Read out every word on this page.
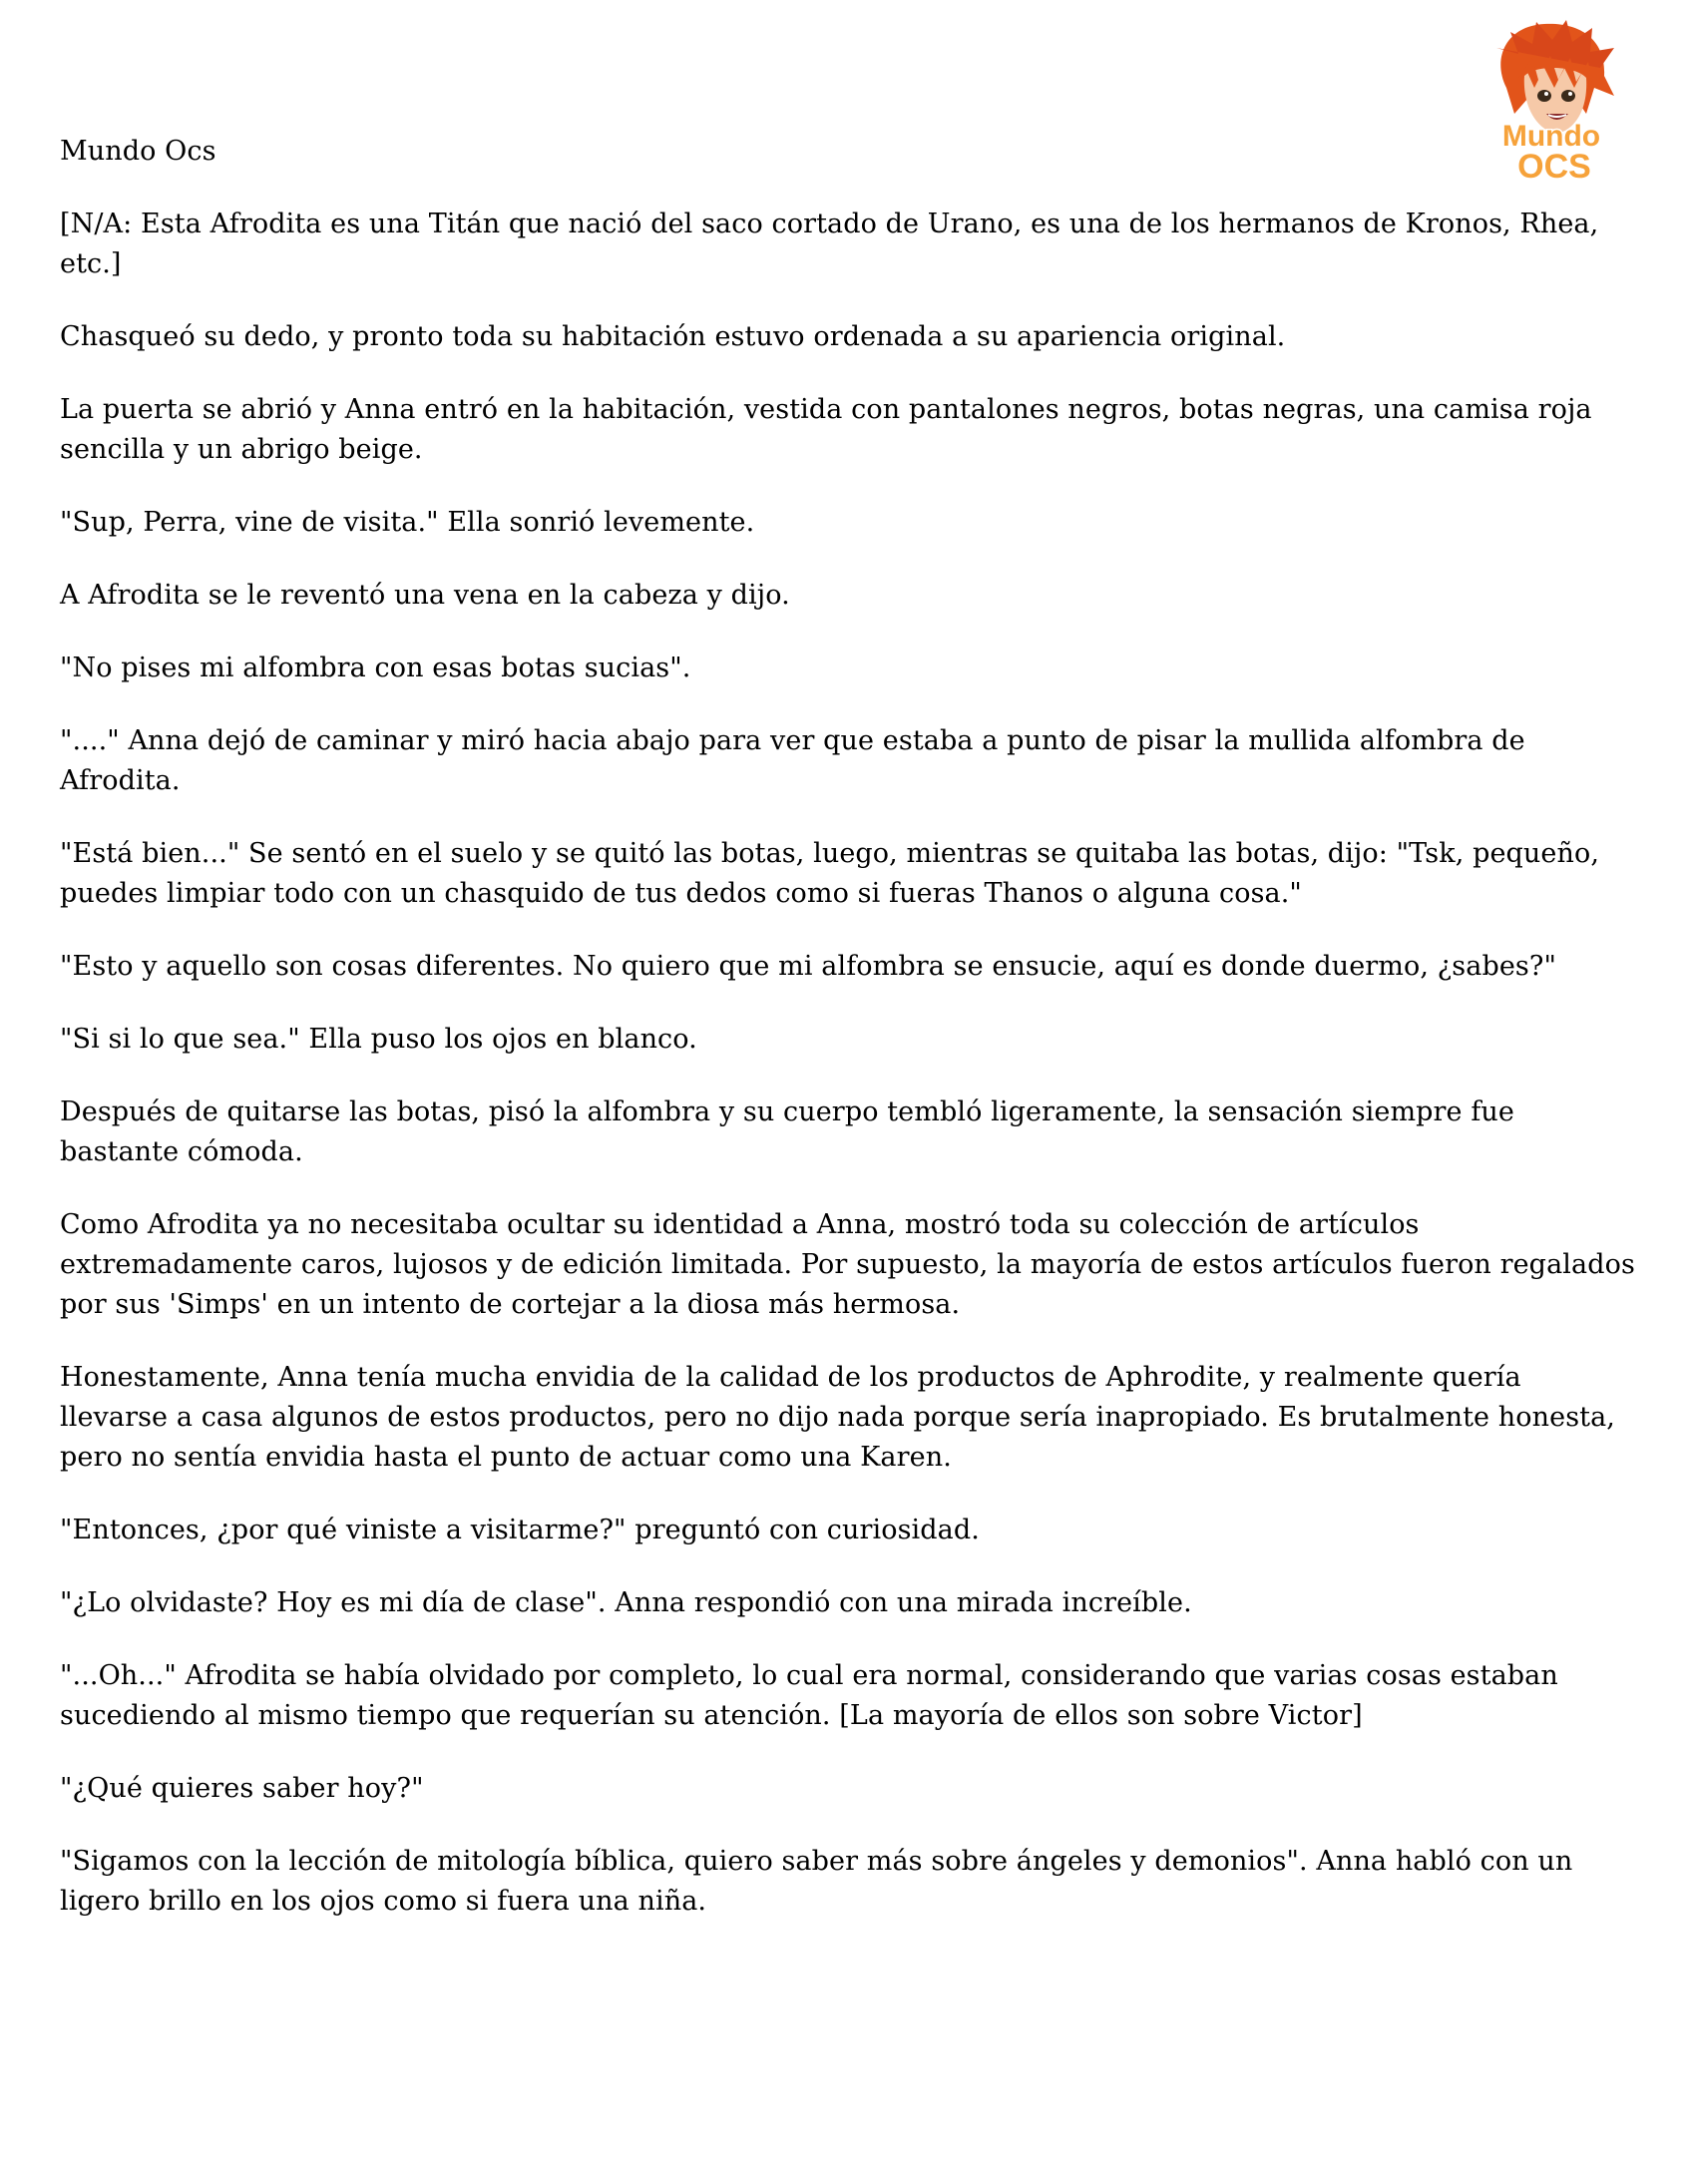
Mundo
OCS

Mundo Ocs

[N/A: Esta Afrodita es una Titán que nació del saco cortado de Urano, es una de los hermanos de Kronos, Rhea, etc.]

Chasqueó su dedo, y pronto toda su habitación estuvo ordenada a su apariencia original.

La puerta se abrió y Anna entró en la habitación, vestida con pantalones negros, botas negras, una camisa roja sencilla y un abrigo beige.

"Sup, Perra, vine de visita." Ella sonrió levemente.

A Afrodita se le reventó una vena en la cabeza y dijo.

"No pises mi alfombra con esas botas sucias".

"...." Anna dejó de caminar y miró hacia abajo para ver que estaba a punto de pisar la mullida alfombra de Afrodita.

"Está bien..." Se sentó en el suelo y se quitó las botas, luego, mientras se quitaba las botas, dijo: "Tsk, pequeño, puedes limpiar todo con un chasquido de tus dedos como si fueras Thanos o alguna cosa."

"Esto y aquello son cosas diferentes. No quiero que mi alfombra se ensucie, aquí es donde duermo, ¿sabes?"

"Si si lo que sea." Ella puso los ojos en blanco.

Después de quitarse las botas, pisó la alfombra y su cuerpo tembló ligeramente, la sensación siempre fue bastante cómoda.

Como Afrodita ya no necesitaba ocultar su identidad a Anna, mostró toda su colección de artículos extremadamente caros, lujosos y de edición limitada. Por supuesto, la mayoría de estos artículos fueron regalados por sus 'Simps' en un intento de cortejar a la diosa más hermosa.

Honestamente, Anna tenía mucha envidia de la calidad de los productos de Aphrodite, y realmente quería llevarse a casa algunos de estos productos, pero no dijo nada porque sería inapropiado. Es brutalmente honesta, pero no sentía envidia hasta el punto de actuar como una Karen.

"Entonces, ¿por qué viniste a visitarme?" preguntó con curiosidad.

"¿Lo olvidaste? Hoy es mi día de clase". Anna respondió con una mirada increíble.

"...Oh..." Afrodita se había olvidado por completo, lo cual era normal, considerando que varias cosas estaban sucediendo al mismo tiempo que requerían su atención. [La mayoría de ellos son sobre Victor]

"¿Qué quieres saber hoy?"

"Sigamos con la lección de mitología bíblica, quiero saber más sobre ángeles y demonios". Anna habló con un ligero brillo en los ojos como si fuera una niña.
